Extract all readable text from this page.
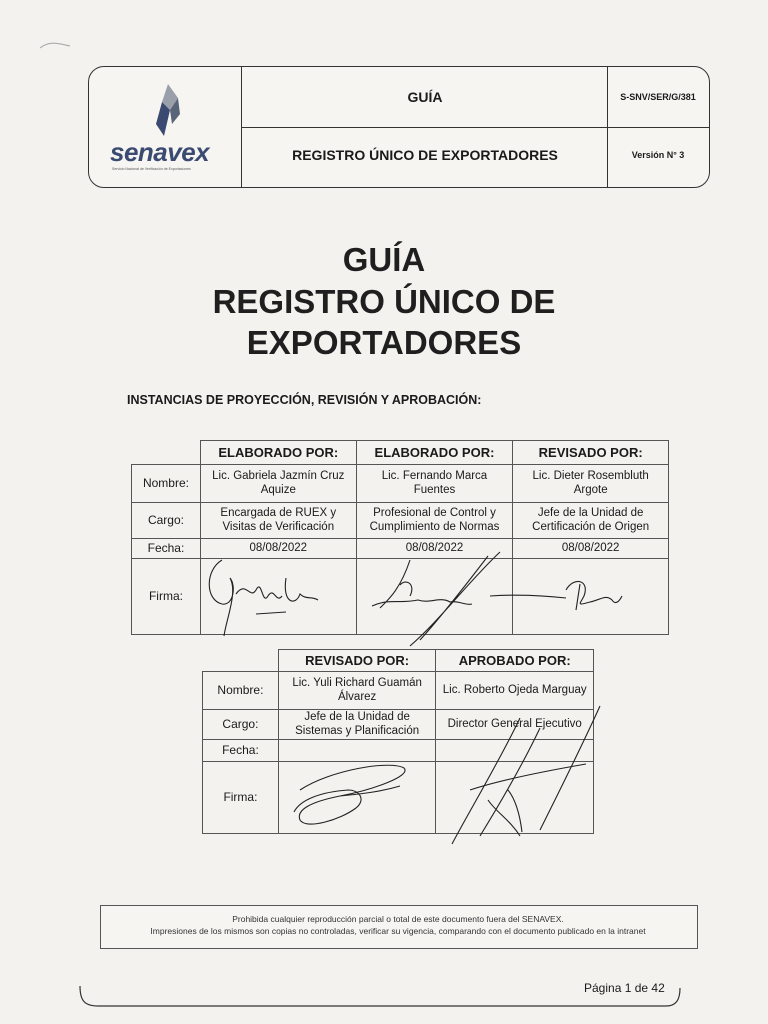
senavex
Servicio Nacional de Verificación de Exportaciones
GUÍA
REGISTRO ÚNICO DE EXPORTADORES
S-SNV/SER/G/381
Versión N° 3
GUÍA
REGISTRO ÚNICO DE
EXPORTADORES
INSTANCIAS DE PROYECCIÓN, REVISIÓN Y APROBACIÓN:
	ELABORADO POR:	ELABORADO POR:	REVISADO POR:
Nombre:	Lic. Gabriela Jazmín Cruz Aquize	Lic. Fernando Marca Fuentes	Lic. Dieter Rosembluth Argote
Cargo:	Encargada de RUEX y Visitas de Verificación	Profesional de Control y Cumplimiento de Normas	Jefe de la Unidad de Certificación de Origen
Fecha:	08/08/2022	08/08/2022	08/08/2022
Firma:			
	REVISADO POR:	APROBADO POR:
Nombre:	Lic. Yuli Richard Guamán Álvarez	Lic. Roberto Ojeda Marguay
Cargo:	Jefe de la Unidad de Sistemas y Planificación	Director General Ejecutivo
Fecha:		
Firma:		
Prohibida cualquier reproducción parcial o total de este documento fuera del SENAVEX.
Impresiones de los mismos son copias no controladas, verificar su vigencia, comparando con el documento publicado en la intranet
Página 1 de 42
